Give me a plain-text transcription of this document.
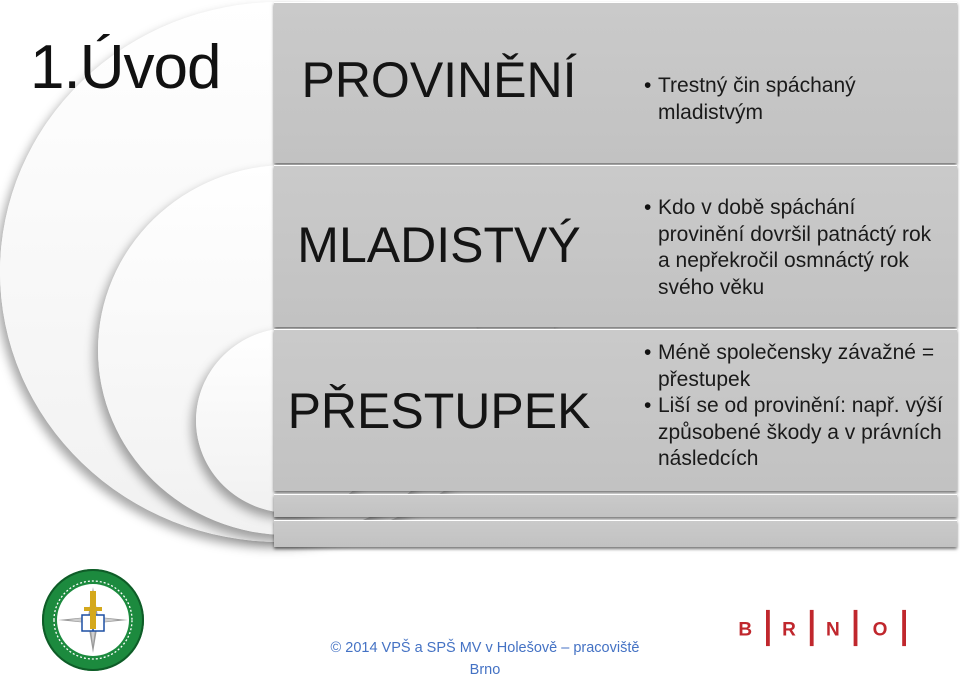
1.Úvod	PROVINĚNÍ
•	Trestný čin spáchaný mladistvým
MLADISTVÝ
• Kdo v době spáchání provinění dovršil patnáctý rok a nepřekročil osmnáctý rok svého věku
PŘESTUPEK
• Méně společensky závažné = přestupek
• Liší se od provinění: např. výší způsobené škody a v právních následcích
© 2014 VPŠ a SPŠ MV v Holešově – pracoviště Brno
B R N O
